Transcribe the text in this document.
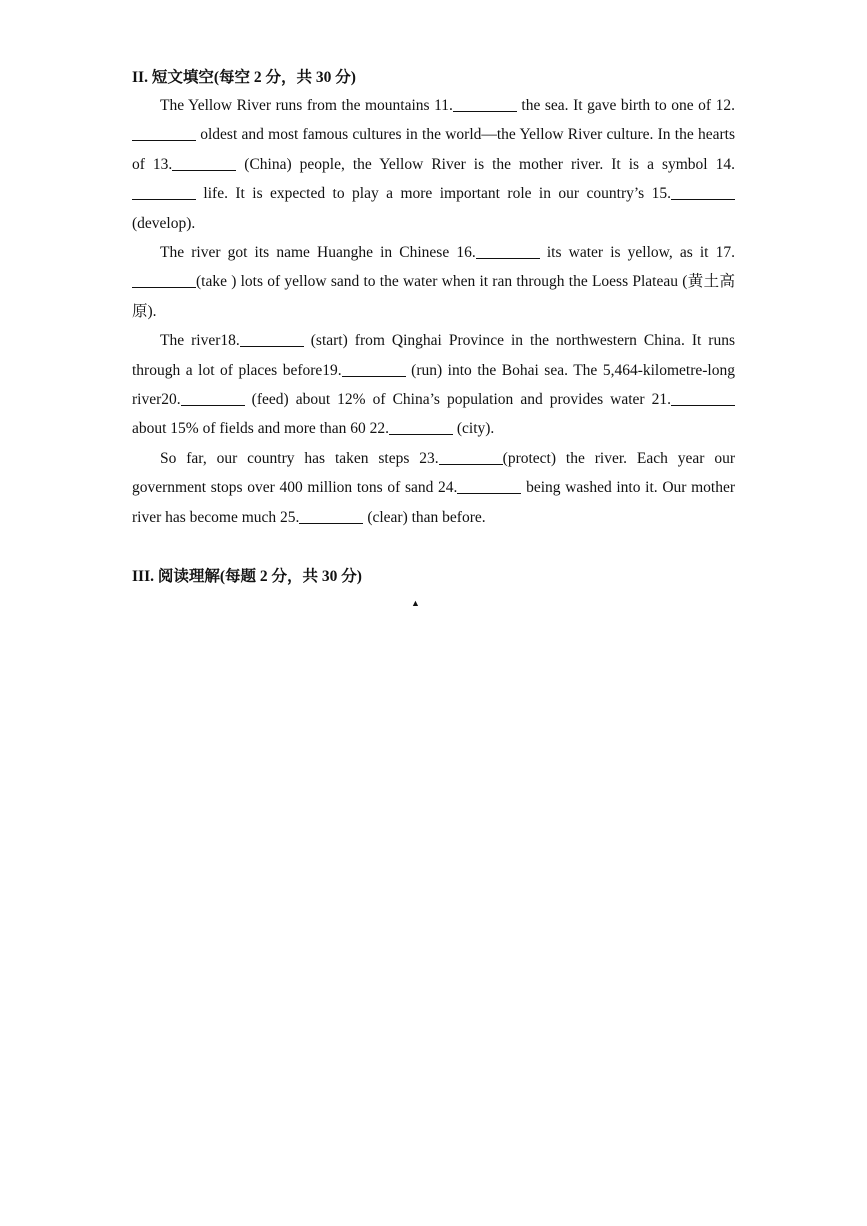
II. 短文填空(每空 2 分，共 30 分)

The Yellow River runs from the mountains 11.	the sea. It gave birth to one of 12. oldest and most famous cultures in the world—the Yellow River culture. In the hearts of 13.	(China) people, the Yellow River is the mother river. It is a symbol 14. life. It is expected to play a more important role in our country’s 15.(develop).

The river got its name Huanghe in Chinese 16.	its water is yellow, as it 17.(take ) lots of yellow sand to the water when it ran through the Loess Plateau (黄土高原).

The river18.	(start) from Qinghai Province in the northwestern China. It runs through a lot of places before19.	(run) into the Bohai sea. The 5,464-kilometre-long river20.	(feed) about 12% of China’s population and provides water 21. about 15% of fields and more than 60 22.	(city).

So far, our country has taken steps 23.	(protect) the river. Each year our government stops over 400 million tons of sand 24.	being washed into it. Our mother river has become much 25.	(clear) than before.

III. 阅读理解(每题 2 分，共 30 分)
▲
